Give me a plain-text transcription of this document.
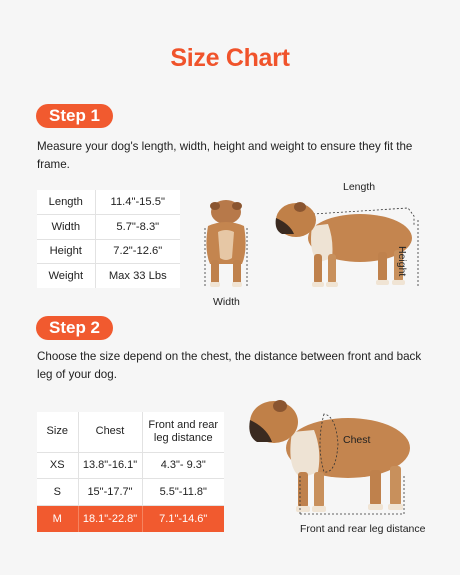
Size Chart
Step 1
Measure your dog's length, width, height and weight to ensure they fit the frame.
Length	11.4"-15.5"
Width	5.7"-8.3"
Height	7.2"-12.6"
Weight	Max 33 Lbs
Width
Length
Height
Step 2
Choose the size depend on the chest, the distance between front and back leg of your dog.
Size	Chest	Front and rear
leg distance
XS	13.8"-16.1"	4.3"- 9.3"
S	15"-17.7"	5.5"-11.8"
M	18.1"-22.8"	7.1"-14.6"
Chest
Front and rear leg distance
